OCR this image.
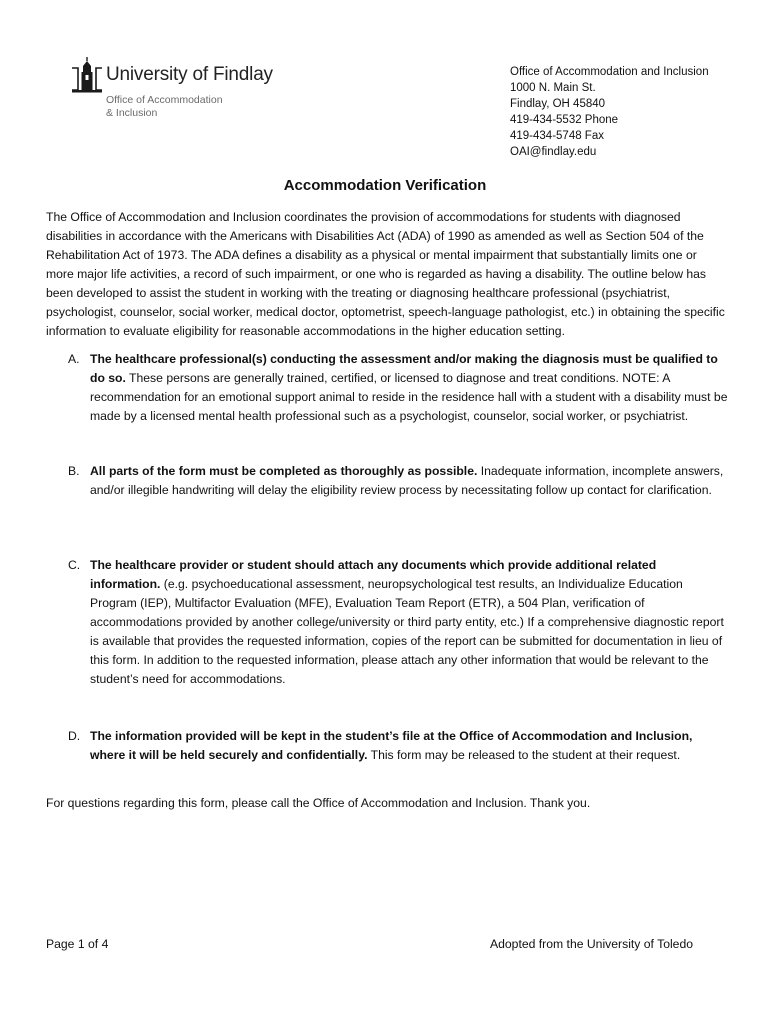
University of Findlay
Office of Accommodation
& Inclusion
Office of Accommodation and Inclusion
1000 N. Main St.
Findlay, OH 45840
419-434-5532 Phone
419-434-5748 Fax
OAI@findlay.edu
Accommodation Verification

The Office of Accommodation and Inclusion coordinates the provision of accommodations for students with diagnosed disabilities in accordance with the Americans with Disabilities Act (ADA) of 1990 as amended as well as Section 504 of the Rehabilitation Act of 1973. The ADA defines a disability as a physical or mental impairment that substantially limits one or more major life activities, a record of such impairment, or one who is regarded as having a disability. The outline below has been developed to assist the student in working with the treating or diagnosing healthcare professional (psychiatrist, psychologist, counselor, social worker, medical doctor, optometrist, speech-language pathologist, etc.) in obtaining the specific information to evaluate eligibility for reasonable accommodations in the higher education setting.

A. The healthcare professional(s) conducting the assessment and/or making the diagnosis must be qualified to do so. These persons are generally trained, certified, or licensed to diagnose and treat conditions. NOTE: A recommendation for an emotional support animal to reside in the residence hall with a student with a disability must be made by a licensed mental health professional such as a psychologist, counselor, social worker, or psychiatrist.
B. All parts of the form must be completed as thoroughly as possible. Inadequate information, incomplete answers, and/or illegible handwriting will delay the eligibility review process by necessitating follow up contact for clarification.
C. The healthcare provider or student should attach any documents which provide additional related information. (e.g. psychoeducational assessment, neuropsychological test results, an Individualize Education Program (IEP), Multifactor Evaluation (MFE), Evaluation Team Report (ETR), a 504 Plan, verification of accommodations provided by another college/university or third party entity, etc.) If a comprehensive diagnostic report is available that provides the requested information, copies of the report can be submitted for documentation in lieu of this form. In addition to the requested information, please attach any other information that would be relevant to the student’s need for accommodations.
D. The information provided will be kept in the student’s file at the Office of Accommodation and Inclusion, where it will be held securely and confidentially. This form may be released to the student at their request.
For questions regarding this form, please call the Office of Accommodation and Inclusion. Thank you.
Page 1 of 4	Adopted from the University of Toledo
